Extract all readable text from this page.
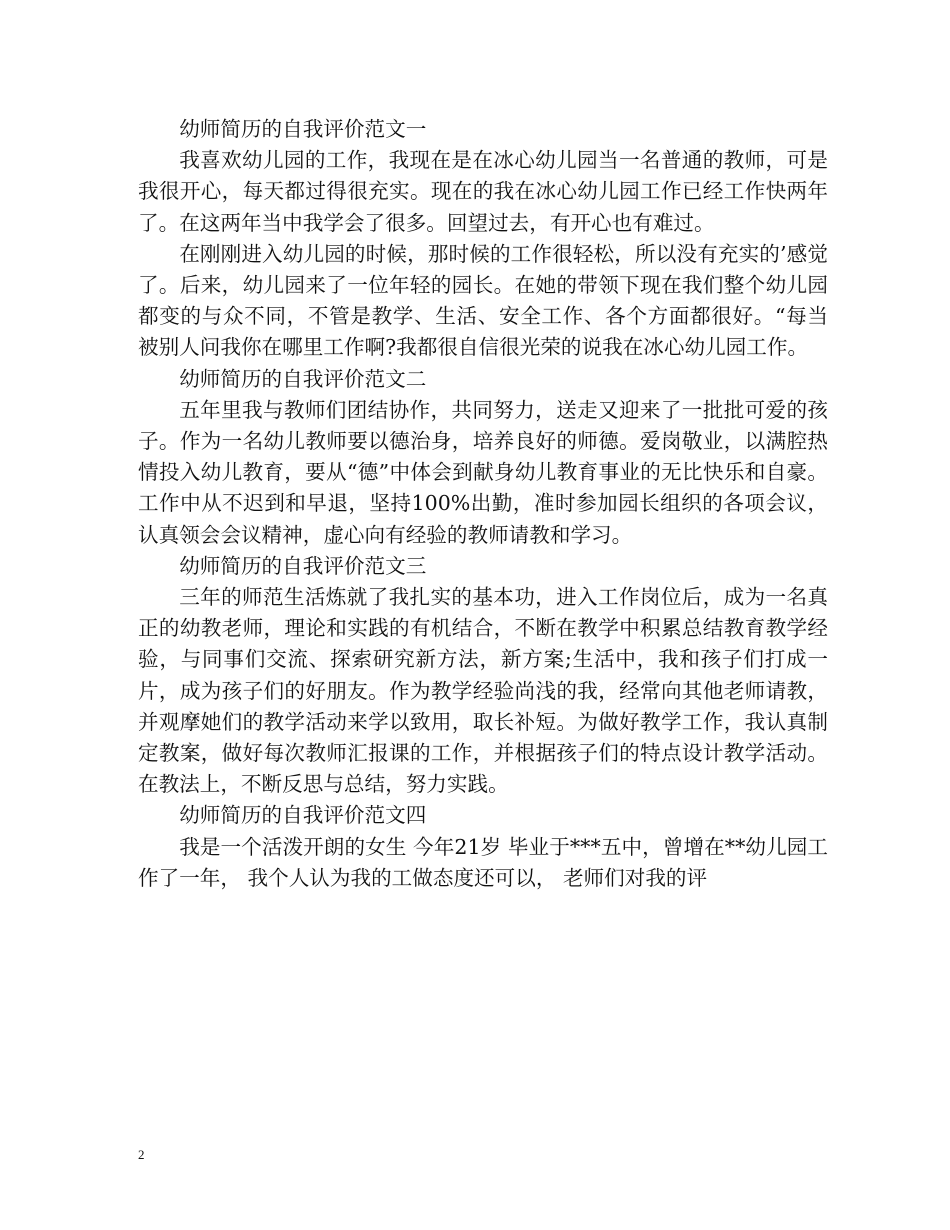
幼师简历的自我评价范文一

我喜欢幼儿园的工作，我现在是在冰心幼儿园当一名普通的教师，可是我很开心，每天都过得很充实。现在的我在冰心幼儿园工作已经工作快两年了。在这两年当中我学会了很多。回望过去，有开心也有难过。

在刚刚进入幼儿园的时候，那时候的工作很轻松，所以没有充实的’感觉了。后来，幼儿园来了一位年轻的园长。在她的带领下现在我们整个幼儿园都变的与众不同，不管是教学、生活、安全工作、各个方面都很好。“每当被别人问我你在哪里工作啊?我都很自信很光荣的说我在冰心幼儿园工作。

幼师简历的自我评价范文二

五年里我与教师们团结协作，共同努力，送走又迎来了一批批可爱的孩子。作为一名幼儿教师要以德治身，培养良好的师德。爱岗敬业，以满腔热情投入幼儿教育，要从“德”中体会到献身幼儿教育事业的无比快乐和自豪。工作中从不迟到和早退，坚持100%出勤，准时参加园长组织的各项会议，认真领会会议精神，虚心向有经验的教师请教和学习。

幼师简历的自我评价范文三

三年的师范生活炼就了我扎实的基本功，进入工作岗位后，成为一名真正的幼教老师，理论和实践的有机结合，不断在教学中积累总结教育教学经验，与同事们交流、探索研究新方法，新方案;生活中，我和孩子们打成一片，成为孩子们的好朋友。作为教学经验尚浅的我，经常向其他老师请教，并观摩她们的教学活动来学以致用，取长补短。为做好教学工作，我认真制定教案，做好每次教师汇报课的工作，并根据孩子们的特点设计教学活动。在教法上，不断反思与总结，努力实践。

幼师简历的自我评价范文四

我是一个活泼开朗的女生 今年21岁 毕业于***五中，曾增在**幼儿园工作了一年， 我个人认为我的工做态度还可以， 老师们对我的评

2
